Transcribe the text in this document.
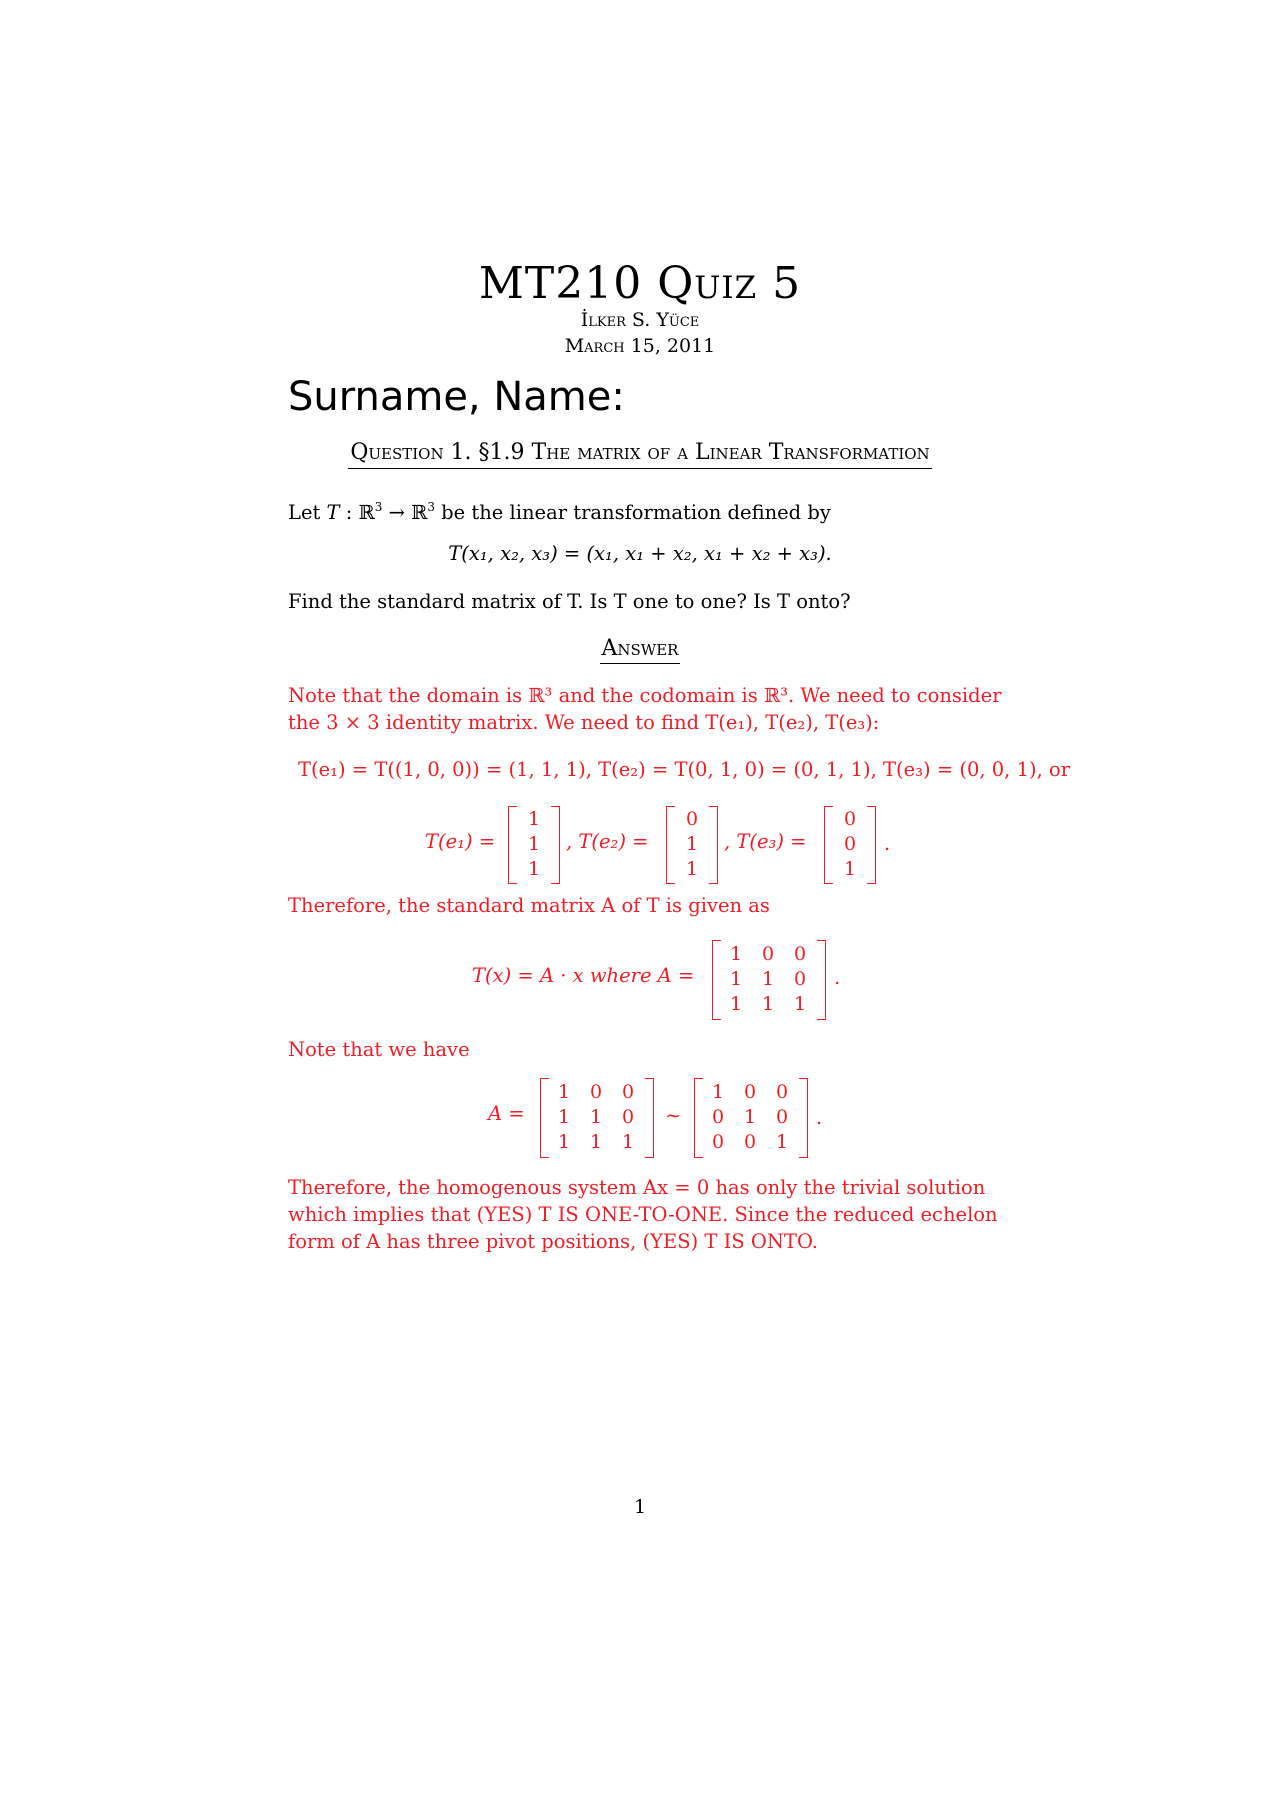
MT210 Quiz 5
İlker S. Yüce
March 15, 2011
Surname, Name:
Question 1. §1.9 The matrix of a Linear Transformation
Let T : ℝ$^3$ → ℝ$^3$ be the linear transformation defined by
T(x₁, x₂, x₃) = (x₁, x₁ + x₂, x₁ + x₂ + x₃).
Find the standard matrix of T. Is T one to one? Is T onto?
Answer
Note that the domain is ℝ³ and the codomain is ℝ³. We need to consider the 3 × 3 identity matrix. We need to find T(e₁), T(e₂), T(e₃):
T(e₁) = T((1, 0, 0)) = (1, 1, 1), T(e₂) = T(0, 1, 0) = (0, 1, 1), T(e₃) = (0, 0, 1), or
T(e₁) =
1
1
1
, T(e₂) =
0
1
1
, T(e₃) =
0
0
1
.
Therefore, the standard matrix A of T is given as
T(x) = A · x where A =
1 0 0
1 1 0
1 1 1
.
Note that we have
A =
1 0 0
1 1 0
1 1 1
∼
1 0 0
0 1 0
0 0 1
.
Therefore, the homogenous system Ax = 0 has only the trivial solution which implies that (YES) T IS ONE-TO-ONE. Since the reduced echelon form of A has three pivot positions, (YES) T IS ONTO.
1
